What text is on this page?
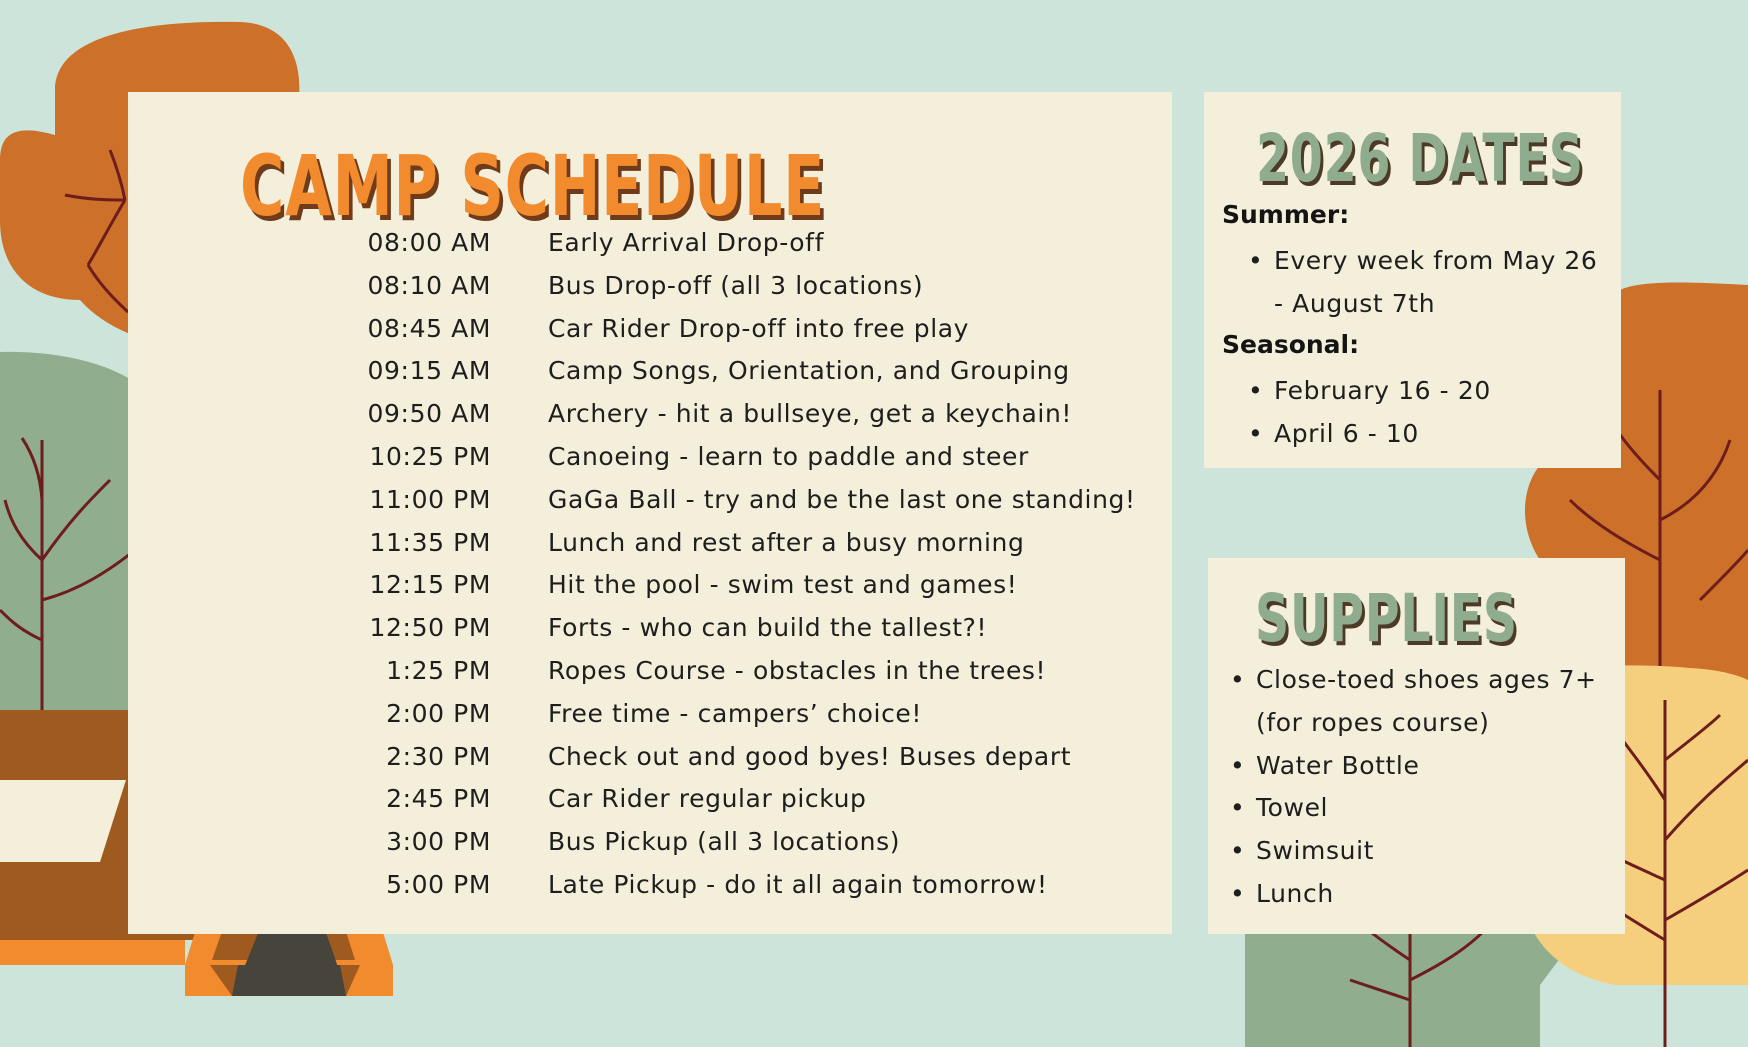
CAMP SCHEDULE
08:00 AM Early Arrival Drop-off
08:10 AM Bus Drop-off (all 3 locations)
08:45 AM Car Rider Drop-off into free play
09:15 AM Camp Songs, Orientation, and Grouping
09:50 AM Archery - hit a bullseye, get a keychain!
10:25 PM Canoeing - learn to paddle and steer
11:00 PM GaGa Ball - try and be the last one standing!
11:35 PM Lunch and rest after a busy morning
12:15 PM Hit the pool - swim test and games!
12:50 PM Forts - who can build the tallest?!
1:25 PM Ropes Course - obstacles in the trees!
2:00 PM Free time - campers’ choice!
2:30 PM Check out and good byes! Buses depart
2:45 PM Car Rider regular pickup
3:00 PM Bus Pickup (all 3 locations)
5:00 PM Late Pickup - do it all again tomorrow!
2026 DATES
Summer:
• Every week from May 26 - August 7th
Seasonal:
• February 16 - 20
• April 6 - 10
SUPPLIES
• Close-toed shoes ages 7+ (for ropes course)
• Water Bottle
• Towel
• Swimsuit
• Lunch
